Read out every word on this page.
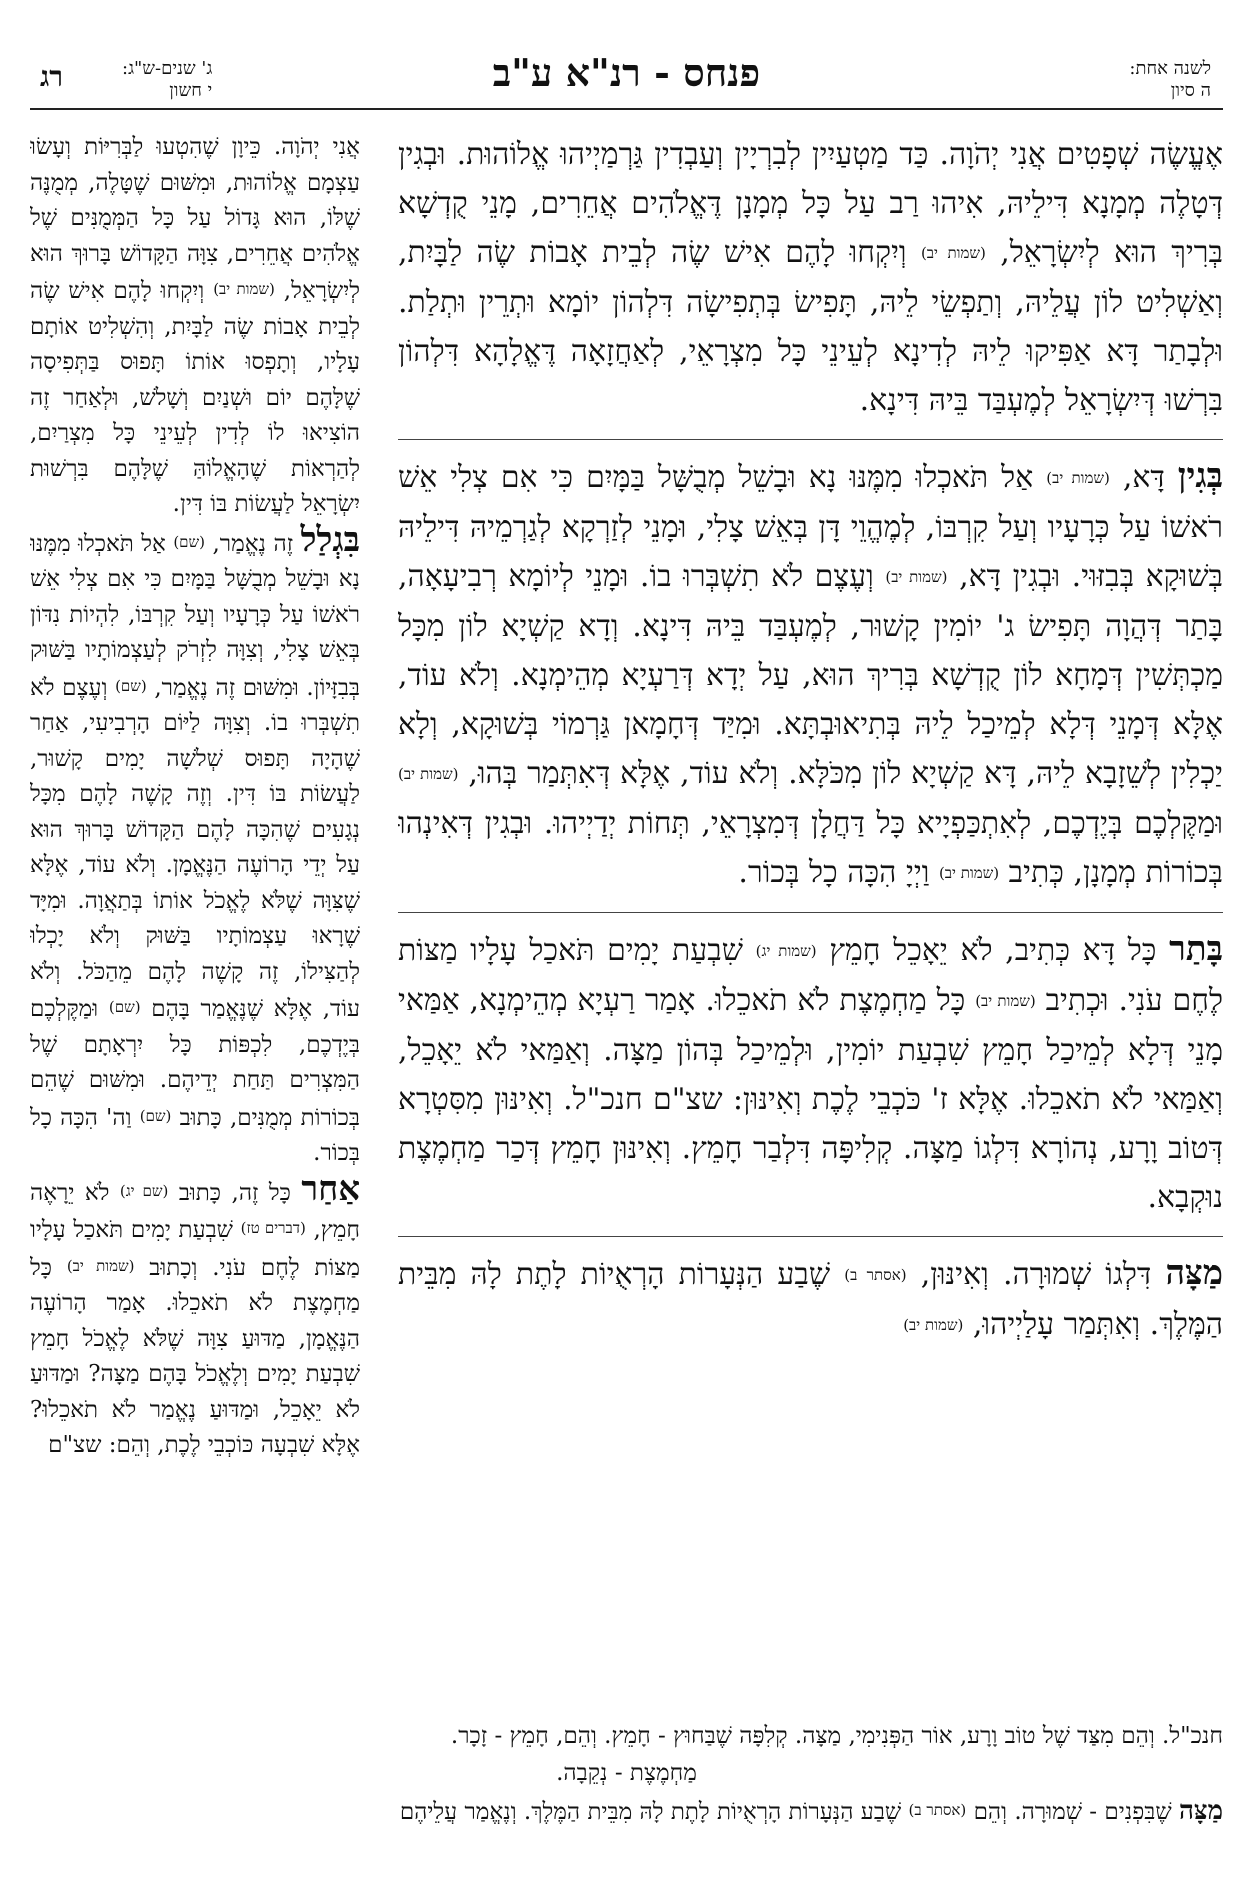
לשנה אחת:
ה סיון
פנחס - רנ"א ע"ב
ג' שנים-ש"ג:
י חשון
רג

אֶעֱשֶׂה שְׁפָטִים אֲנִי יְהֹוָה. כַּד מַטְעַיִין לְבִרְיָין וְעַבְדִין גַּרְמַיְיהוּ אֱלוֹהוּת. וּבְגִין דְּטָלֶה מְמָנָא דִּילֵיהּ, אִיהוּ רַב עַל כָּל מְמָנָן דֶּאֱלֹהִים אֲחֵרִים, מָנֵי קֻדְשָׁא בְּרִיךְ הוּא לְיִשְׂרָאֵל, (שמות יב) וְיִקְחוּ לָהֶם אִישׁ שֶׂה לְבֵית אָבוֹת שֶׂה לַבָּיִת, וְאַשְׁלִיט לוֹן עֲלֵיהּ, וְתַפְשֵׂי לֵיהּ, תָּפִישׂ בְּתְפִישָׂה דִּלְהוֹן יוֹמָא וּתְרֵין וּתְלַת. וּלְבָתַר דָּא אַפִּיקוּ לֵיהּ לְדִינָא לְעֵינֵי כָּל מִצְרָאֵי, לְאַחֲזָאָה דֶּאֱלָהָא דִּלְהוֹן בִּרְשׁוּ דְּיִשְׂרָאֵל לְמֶעְבַּד בֵּיהּ דִּינָא.

בְּגִין דָּא, (שמות יב) אַל תֹּאכְלוּ מִמֶּנּוּ נָא וּבָשֵׁל מְבֻשָּׁל בַּמָּיִם כִּי אִם צְלִי אֵשׁ רֹאשׁוֹ עַל כְּרָעָיו וְעַל קִרְבּוֹ, לְמֶהֱוֵי דָּן בְּאֵשׁ צָלִי, וּמָנֵי לְזַרְקָא לְגַרְמֵיהּ דִּילֵיהּ בְּשׁוּקָא בְּבִזּוּי. וּבְגִין דָּא, (שמות יב) וְעֶצֶם לֹא תִשְׁבְּרוּ בוֹ. וּמָנֵי לְיוֹמָא רְבִיעָאָה, בָּתַר דְּהֲוָה תָּפִישׂ ג' יוֹמִין קָשׁוּר, לְמֶעְבַּד בֵּיהּ דִּינָא. וְדָא קַשְׁיָא לוֹן מִכָּל מַכְתְּשִׁין דְּמָחָא לוֹן קֻדְשָׁא בְּרִיךְ הוּא, עַל יְדָא דְּרַעְיָא מְהֵימְנָא. וְלֹא עוֹד, אֶלָּא דְּמָנֵי דְּלָא לְמֵיכַל לֵיהּ בְּתִיאוּבְתָּא. וּמִיַּד דְּחָמָאן גַּרְמוֹי בְּשׁוּקָא, וְלָא יַכְלִין לְשֵׁזָבָא לֵיהּ, דָּא קַשְׁיָא לוֹן מִכֹּלָּא. וְלֹא עוֹד, אֶלָּא דְּאִתְּמַר בְּהוּ, (שמות יב) וּמַקֶּלְכֶם בְּיֶדְכֶם, לְאִתְכַּפְיָיא כָּל דַּחֲלָן דְּמִצְרָאֵי, תְּחוֹת יְדַיְיהוּ. וּבְגִין דְּאִינְהוּ בְּכוֹרוֹת מְמָנָן, כְּתִיב (שמות יב) וַיְיָ הִכָּה כָל בְּכוֹר.

בָּתַר כָּל דָּא כְּתִיב, לֹא יֵאָכֵל חָמֵץ (שמות יג) שִׁבְעַת יָמִים תֹּאכַל עָלָיו מַצּוֹת לֶחֶם עֹנִי. וּכְתִיב (שמות יב) כָּל מַחְמֶצֶת לֹא תֹאכֵלוּ. אָמַר רַעְיָא מְהֵימְנָא, אַמַּאי מָנֵי דְּלָא לְמֵיכַל חָמֵץ שִׁבְעַת יוֹמִין, וּלְמֵיכַל בְּהוֹן מַצָּה. וְאַמַּאי לֹא יֵאָכֵל, וְאַמַּאי לֹא תֹאכֵלוּ. אֶלָּא ז' כֹּכְבֵי לֶכֶת וְאִינּוּן: שצ"ם חנכ"ל. וְאִינּוּן מִסִּטְרָא דְּטוֹב וָרָע, נְהוֹרָא דִּלְגוֹ מַצָּה. קְלִיפָּה דִּלְבַר חָמֵץ. וְאִינּוּן חָמֵץ דְּכַר מַחְמֶצֶת נוּקְבָא.

מַצָּה דִּלְגוֹ שְׁמוּרָה. וְאִינּוּן, (אסתר ב) שֶׁבַע הַנְּעָרוֹת הָרְאֻיוֹת לָתֶת לָהּ מִבֵּית הַמֶּלֶךְ. וְאִתְּמַר עָלַיְיהוּ, (שמות יב)

אֲנִי יְהֹוָה. כֵּיוָן שֶׁהִטְעוּ לַבְּרִיּוֹת וְעָשׂוּ עַצְמָם אֱלוֹהוּת, וּמִשּׁוּם שֶׁטָּלֶה, מְמֻנֶּה שֶׁלּוֹ, הוּא גָּדוֹל עַל כָּל הַמְּמֻנִּים שֶׁל אֱלֹהִים אֲחֵרִים, צִוָּה הַקָּדוֹשׁ בָּרוּךְ הוּא לְיִשְׂרָאֵל, (שמות יב) וְיִקְחוּ לָהֶם אִישׁ שֶׂה לְבֵית אָבוֹת שֶׂה לַבָּיִת, וְהִשְׁלִיט אוֹתָם עָלָיו, וְתָפְסוּ אוֹתוֹ תָּפוּס בַּתְּפִיסָה שֶׁלָּהֶם יוֹם וּשְׁנַיִם וְשָׁלֹשׁ, וּלְאַחַר זֶה הוֹצִיאוּ לוֹ לְדִין לְעֵינֵי כָּל מִצְרַיִם, לְהַרְאוֹת שֶׁהָאֱלוֹהַּ שֶׁלָּהֶם בִּרְשׁוּת יִשְׂרָאֵל לַעֲשׂוֹת בּוֹ דִּין.

בִּגְלַל זֶה נֶאֱמַר, (שם) אַל תֹּאכְלוּ מִמֶּנּוּ נָא וּבָשֵׁל מְבֻשָּׁל בַּמָּיִם כִּי אִם צְלִי אֵשׁ רֹאשׁוֹ עַל כְּרָעָיו וְעַל קִרְבּוֹ, לִהְיוֹת נִדּוֹן בְּאֵשׁ צָלִי, וְצִוָּה לִזְרֹק לְעַצְמוֹתָיו בַּשּׁוּק בְּבִזָּיוֹן. וּמִשּׁוּם זֶה נֶאֱמַר, (שם) וְעֶצֶם לֹא תִשְׁבְּרוּ בוֹ. וְצִוָּה לַיּוֹם הָרְבִיעִי, אַחַר שֶׁהָיָה תָּפוּס שְׁלֹשָׁה יָמִים קָשׁוּר, לַעֲשׂוֹת בּוֹ דִּין. וְזֶה קָשֶׁה לָהֶם מִכָּל נְגָעִים שֶׁהִכָּה לָהֶם הַקָּדוֹשׁ בָּרוּךְ הוּא עַל יְדֵי הָרוֹעֶה הַנֶּאֱמָן. וְלֹא עוֹד, אֶלָּא שֶׁצִּוָּה שֶׁלֹּא לֶאֱכֹל אוֹתוֹ בְּתַאֲוָה. וּמִיָּד שֶׁרָאוּ עַצְמוֹתָיו בַּשּׁוּק וְלֹא יָכְלוּ לְהַצִּילוֹ, זֶה קָשֶׁה לָהֶם מֵהַכֹּל. וְלֹא עוֹד, אֶלָּא שֶׁנֶּאֱמַר בָּהֶם (שם) וּמַקֶּלְכֶם בְּיֶדְכֶם, לִכְפּוֹת כָּל יִרְאָתָם שֶׁל הַמִּצְרִים תַּחַת יְדֵיהֶם. וּמִשּׁוּם שֶׁהֵם בְּכוֹרוֹת מְמֻנִּים, כָּתוּב (שם) וַה' הִכָּה כָל בְּכוֹר.

אַחַר כָּל זֶה, כָּתוּב (שם יג) לֹא יֵרָאֶה חָמֵץ, (דברים טז) שִׁבְעַת יָמִים תֹּאכַל עָלָיו מַצּוֹת לֶחֶם עֹנִי. וְכָתוּב (שמות יב) כָּל מַחְמֶצֶת לֹא תֹאכֵלוּ. אָמַר הָרוֹעֶה הַנֶּאֱמָן, מַדּוּעַ צִוָּה שֶׁלֹּא לֶאֱכֹל חָמֵץ שִׁבְעַת יָמִים וְלֶאֱכֹל בָּהֶם מַצָּה? וּמַדּוּעַ לֹא יֵאָכֵל, וּמַדּוּעַ נֶאֱמַר לֹא תֹאכֵלוּ? אֶלָּא שִׁבְעָה כּוֹכְבֵי לֶכֶת, וְהֵם: שצ"ם

חנכ"ל. וְהֵם מִצַּד שֶׁל טוֹב וָרָע, אוֹר הַפְּנִימִי, מַצָּה. קְלִפָּה שֶׁבַּחוּץ - חָמֵץ. וְהֵם, חָמֵץ - זָכָר.

מַחְמֶצֶת - נְקֵבָה.

מַצָּה שֶׁבִּפְנִים - שְׁמוּרָה. וְהֵם (אסתר ב) שֶׁבַע הַנְּעָרוֹת הָרְאֻיוֹת לָתֶת לָהּ מִבֵּית הַמֶּלֶךְ. וְנֶאֱמַר עֲלֵיהֶם
